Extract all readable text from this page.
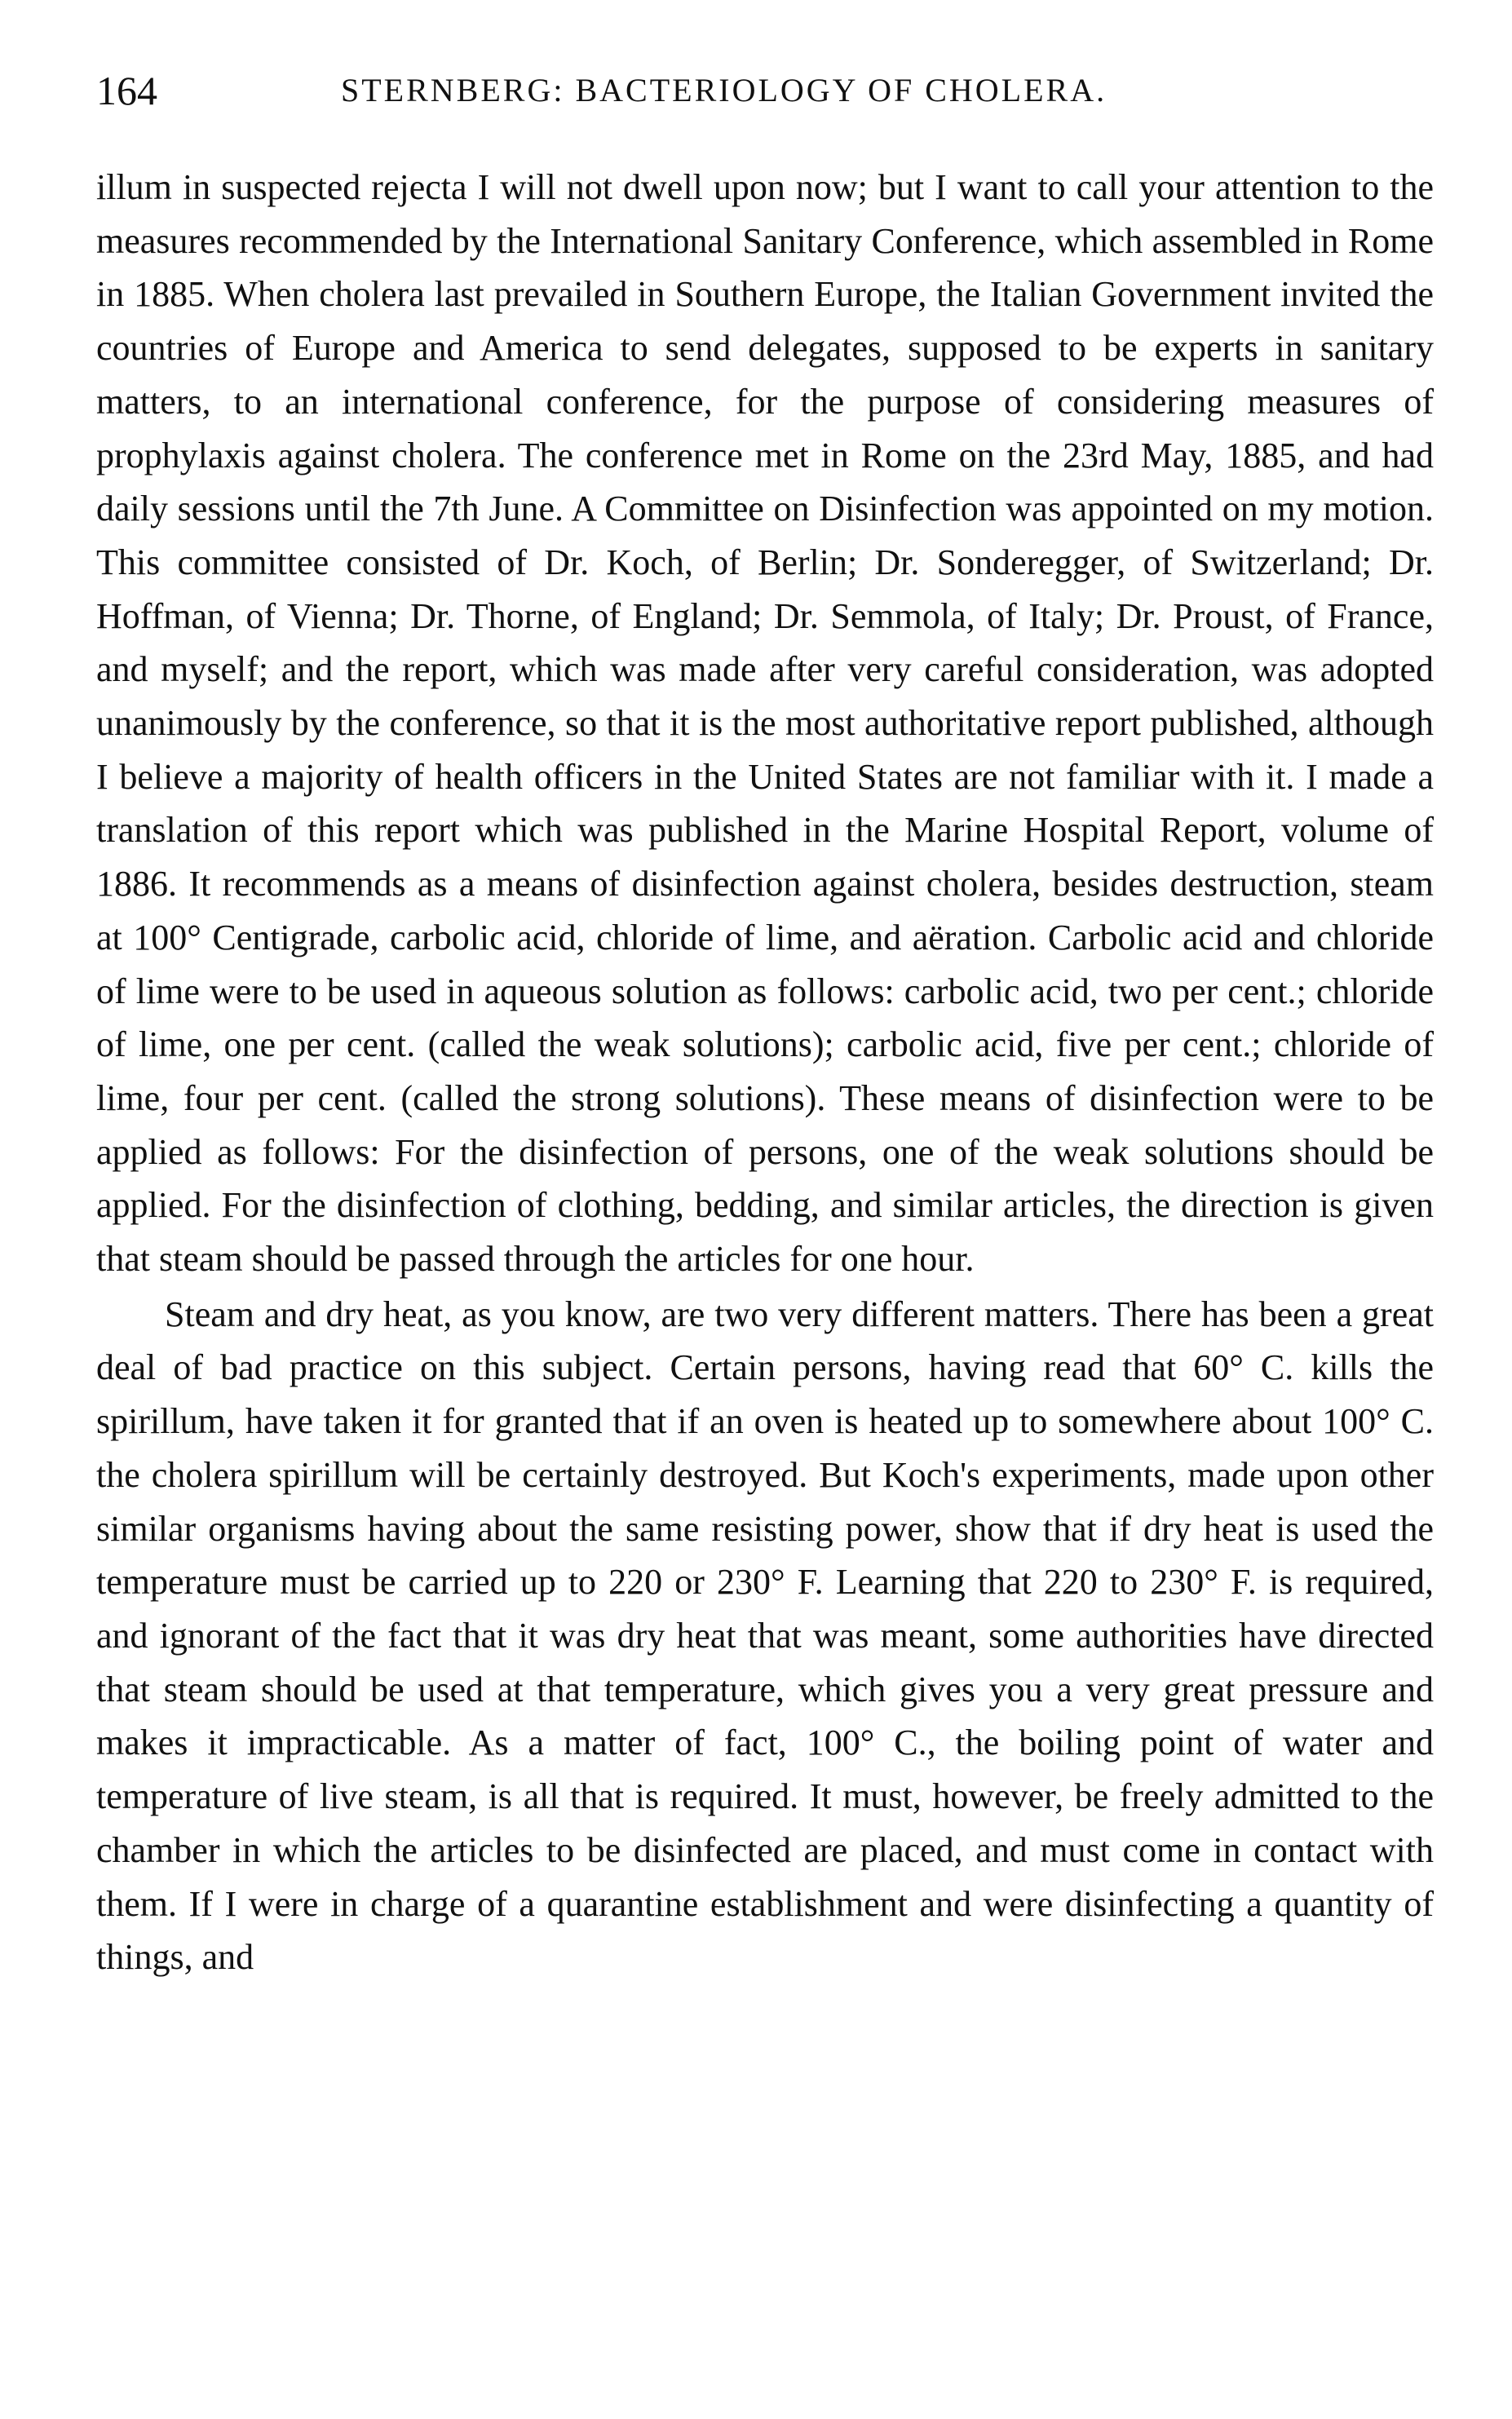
164	STERNBERG: BACTERIOLOGY OF CHOLERA.

illum in suspected rejecta I will not dwell upon now; but I want to call your attention to the measures recommended by the International Sanitary Conference, which assembled in Rome in 1885. When cholera last prevailed in Southern Europe, the Italian Government invited the countries of Europe and America to send delegates, supposed to be experts in sanitary matters, to an international conference, for the purpose of considering measures of prophylaxis against cholera. The conference met in Rome on the 23rd May, 1885, and had daily sessions until the 7th June. A Committee on Disinfection was appointed on my motion. This committee consisted of Dr. Koch, of Berlin; Dr. Sonderegger, of Switzerland; Dr. Hoffman, of Vienna; Dr. Thorne, of England; Dr. Semmola, of Italy; Dr. Proust, of France, and myself; and the report, which was made after very careful consideration, was adopted unanimously by the conference, so that it is the most authoritative report published, although I believe a majority of health officers in the United States are not familiar with it. I made a translation of this report which was published in the Marine Hospital Report, volume of 1886. It recommends as a means of disinfection against cholera, besides destruction, steam at 100° Centigrade, carbolic acid, chloride of lime, and aëration. Carbolic acid and chloride of lime were to be used in aqueous solution as follows: carbolic acid, two per cent.; chloride of lime, one per cent. (called the weak solutions); carbolic acid, five per cent.; chloride of lime, four per cent. (called the strong solutions). These means of disinfection were to be applied as follows: For the disinfection of persons, one of the weak solutions should be applied. For the disinfection of clothing, bedding, and similar articles, the direction is given that steam should be passed through the articles for one hour.

Steam and dry heat, as you know, are two very different matters. There has been a great deal of bad practice on this subject. Certain persons, having read that 60° C. kills the spirillum, have taken it for granted that if an oven is heated up to somewhere about 100° C. the cholera spirillum will be certainly destroyed. But Koch's experiments, made upon other similar organisms having about the same resisting power, show that if dry heat is used the temperature must be carried up to 220 or 230° F. Learning that 220 to 230° F. is required, and ignorant of the fact that it was dry heat that was meant, some authorities have directed that steam should be used at that temperature, which gives you a very great pressure and makes it impracticable. As a matter of fact, 100° C., the boiling point of water and temperature of live steam, is all that is required. It must, however, be freely admitted to the chamber in which the articles to be disinfected are placed, and must come in contact with them. If I were in charge of a quarantine establishment and were disinfecting a quantity of things, and
